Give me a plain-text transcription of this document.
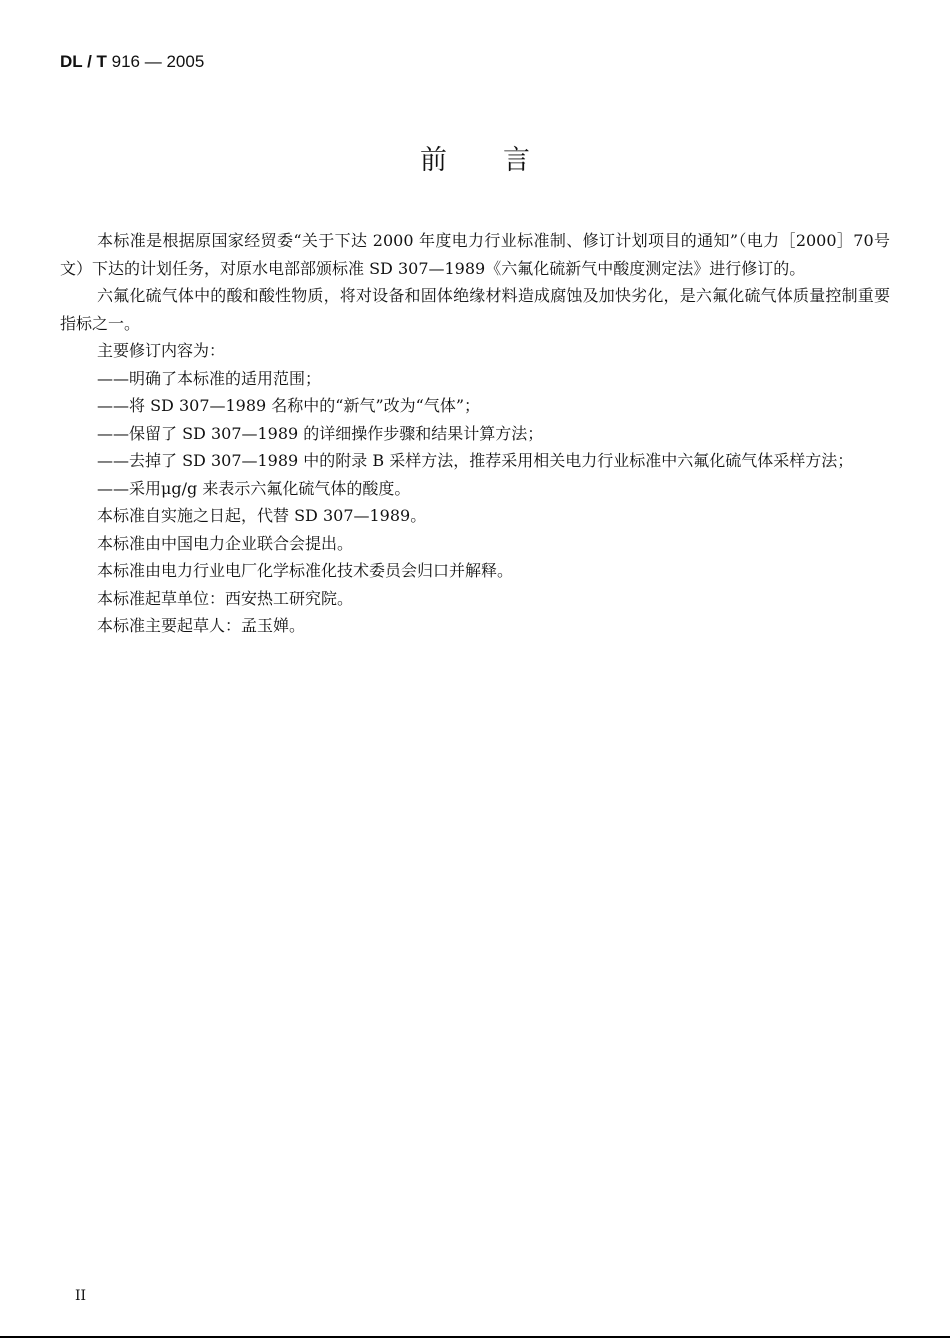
DL / T 916 — 2005
前言

本标准是根据原国家经贸委“关于下达 2000 年度电力行业标准制、修订计划项目的通知”（电力［2000］70号文）下达的计划任务，对原水电部部颁标准 SD 307—1989《六氟化硫新气中酸度测定法》进行修订的。

六氟化硫气体中的酸和酸性物质，将对设备和固体绝缘材料造成腐蚀及加快劣化，是六氟化硫气体质量控制重要指标之一。

主要修订内容为：

——明确了本标准的适用范围；

——将 SD 307—1989 名称中的“新气”改为“气体”；

——保留了 SD 307—1989 的详细操作步骤和结果计算方法；

——去掉了 SD 307—1989 中的附录 B 采样方法，推荐采用相关电力行业标准中六氟化硫气体采样方法；

——采用μg/g 来表示六氟化硫气体的酸度。

本标准自实施之日起，代替 SD 307—1989。

本标准由中国电力企业联合会提出。

本标准由电力行业电厂化学标准化技术委员会归口并解释。

本标准起草单位：西安热工研究院。

本标准主要起草人：孟玉婵。

II
